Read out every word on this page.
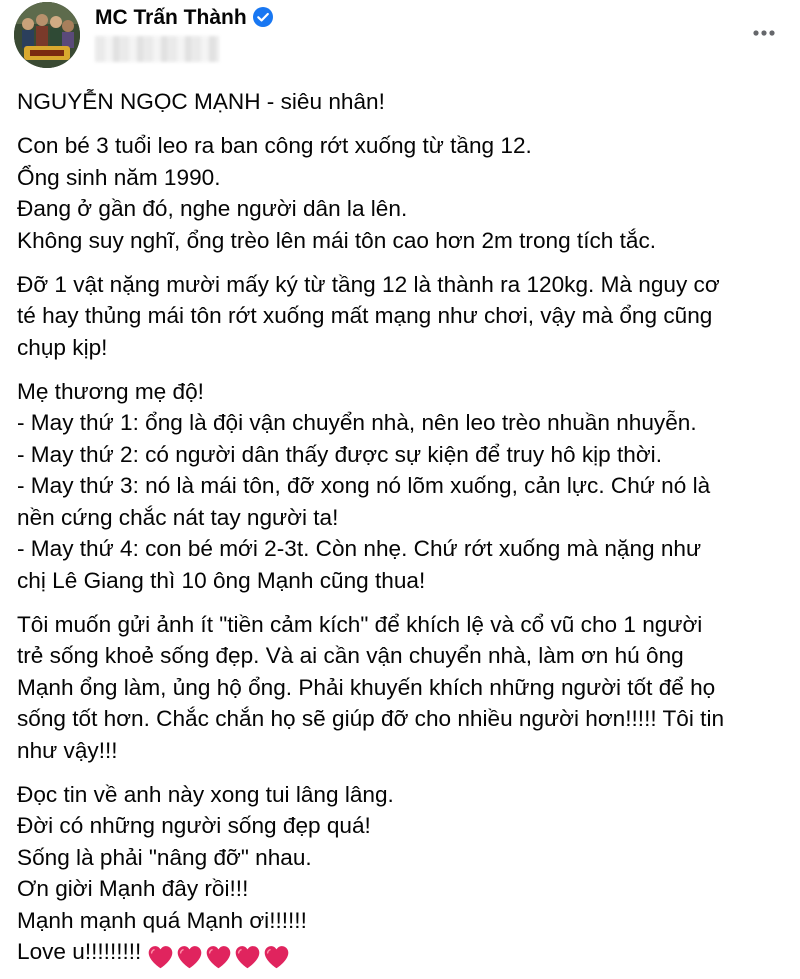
MC Trấn Thành

NGUYỄN NGỌC MẠNH - siêu nhân!

Con bé 3 tuổi leo ra ban công rớt xuống từ tầng 12.
Ổng sinh năm 1990.
Đang ở gần đó, nghe người dân la lên.
Không suy nghĩ, ổng trèo lên mái tôn cao hơn 2m trong tích tắc.

Đỡ 1 vật nặng mười mấy ký từ tầng 12 là thành ra 120kg. Mà nguy cơ
té hay thủng mái tôn rớt xuống mất mạng như chơi, vậy mà ổng cũng
chụp kịp!

Mẹ thương mẹ độ!
- May thứ 1: ổng là đội vận chuyển nhà, nên leo trèo nhuần nhuyễn.
- May thứ 2: có người dân thấy được sự kiện để truy hô kịp thời.
- May thứ 3: nó là mái tôn, đỡ xong nó lõm xuống, cản lực. Chứ nó là
nền cứng chắc nát tay người ta!
- May thứ 4: con bé mới 2-3t. Còn nhẹ. Chứ rớt xuống mà nặng như
chị Lê Giang thì 10 ông Mạnh cũng thua!

Tôi muốn gửi ảnh ít "tiền cảm kích" để khích lệ và cổ vũ cho 1 người
trẻ sống khoẻ sống đẹp. Và ai cần vận chuyển nhà, làm ơn hú ông
Mạnh ổng làm, ủng hộ ổng. Phải khuyến khích những người tốt để họ
sống tốt hơn. Chắc chắn họ sẽ giúp đỡ cho nhiều người hơn!!!!! Tôi tin
như vậy!!!

Đọc tin về anh này xong tui lâng lâng.
Đời có những người sống đẹp quá!
Sống là phải "nâng đỡ" nhau.
Ơn giời Mạnh đây rồi!!!
Mạnh mạnh quá Mạnh ơi!!!!!!
Love u!!!!!!!!!
